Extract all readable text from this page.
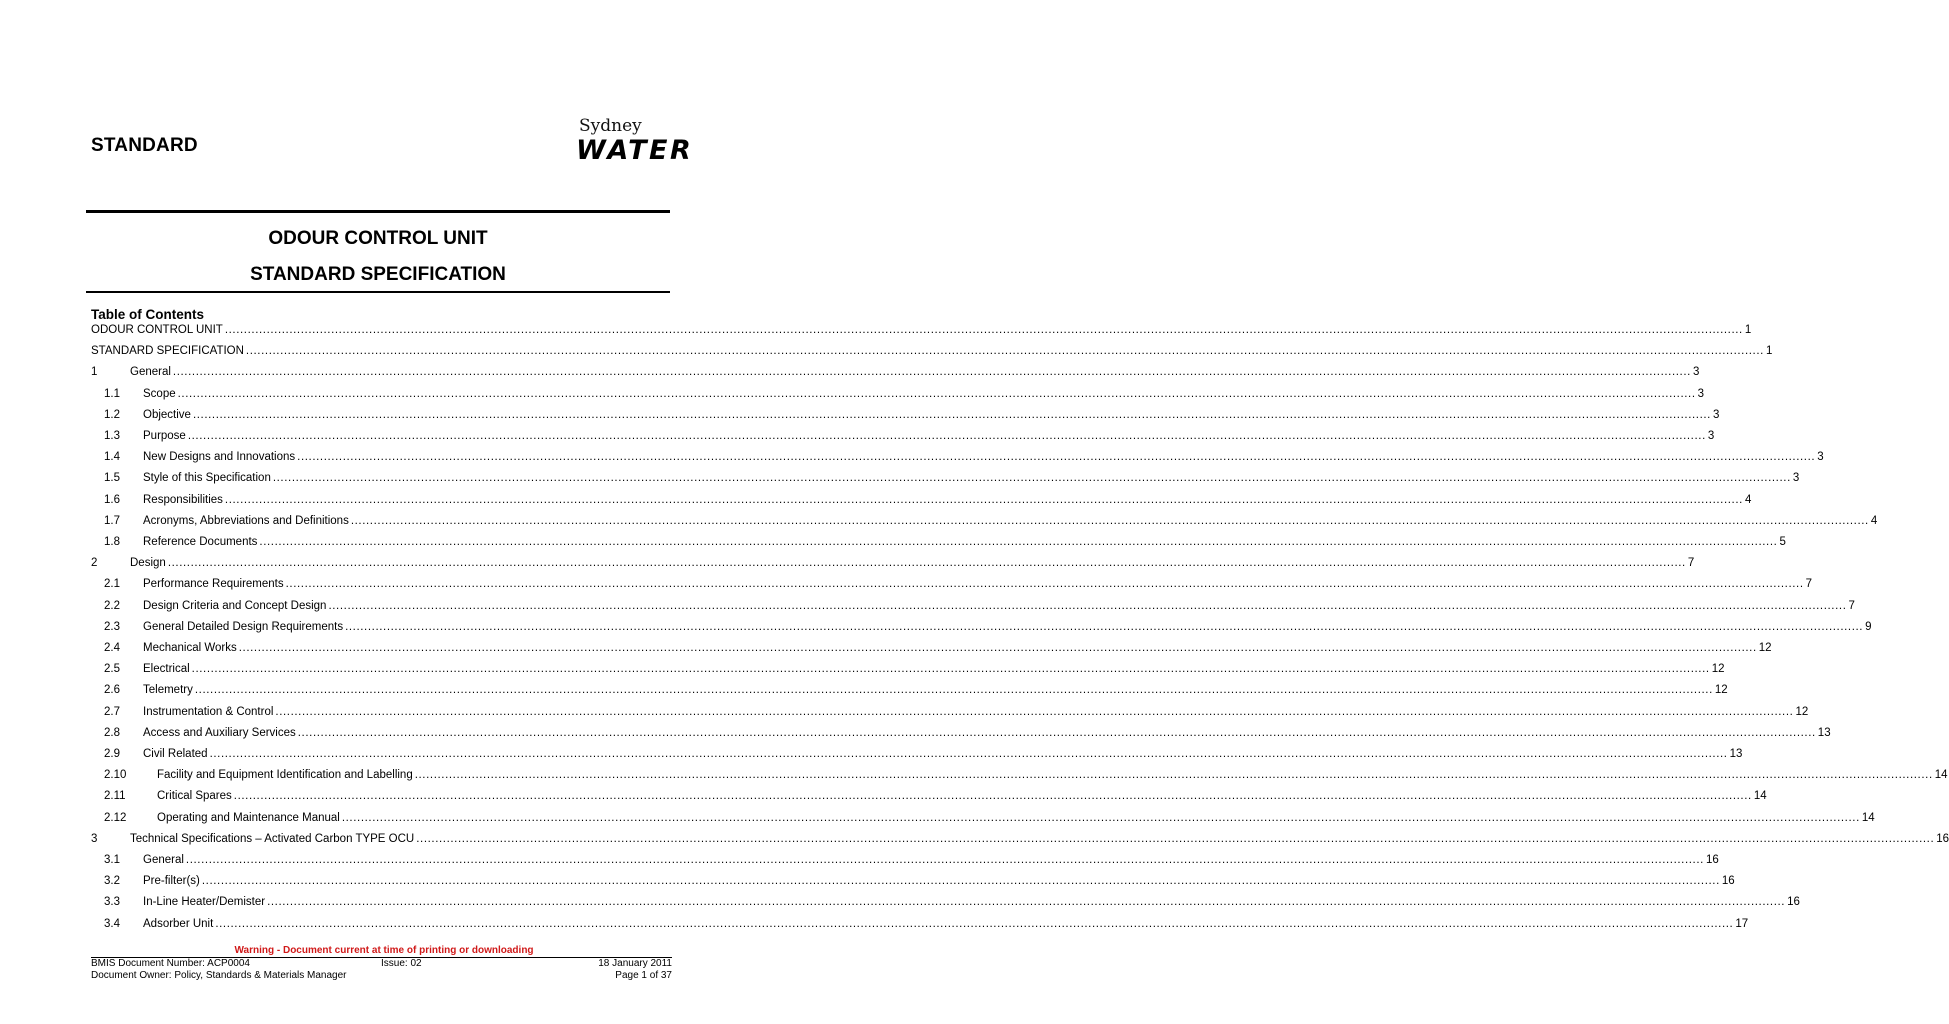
STANDARD
Sydney
WATER
ODOUR CONTROL UNIT
STANDARD SPECIFICATION
Table of Contents
ODOUR CONTROL UNIT ................................................................................................................................................................................................................................................................................................................................................................................................................ 1
STANDARD SPECIFICATION ................................................................................................................................................................................................................................................................................................................................................................................................................ 1
1	General ................................................................................................................................................................................................................................................................................................................................................................................................................ 3
1.1	Scope ................................................................................................................................................................................................................................................................................................................................................................................................................ 3
1.2	Objective ................................................................................................................................................................................................................................................................................................................................................................................................................ 3
1.3	Purpose ................................................................................................................................................................................................................................................................................................................................................................................................................ 3
1.4	New Designs and Innovations ................................................................................................................................................................................................................................................................................................................................................................................................................ 3
1.5	Style of this Specification ................................................................................................................................................................................................................................................................................................................................................................................................................ 3
1.6	Responsibilities ................................................................................................................................................................................................................................................................................................................................................................................................................ 4
1.7	Acronyms, Abbreviations and Definitions ................................................................................................................................................................................................................................................................................................................................................................................................................ 4
1.8	Reference Documents ................................................................................................................................................................................................................................................................................................................................................................................................................ 5
2	Design ................................................................................................................................................................................................................................................................................................................................................................................................................ 7
2.1	Performance Requirements ................................................................................................................................................................................................................................................................................................................................................................................................................ 7
2.2	Design Criteria and Concept Design ................................................................................................................................................................................................................................................................................................................................................................................................................ 7
2.3	General Detailed Design Requirements ................................................................................................................................................................................................................................................................................................................................................................................................................ 9
2.4	Mechanical Works ................................................................................................................................................................................................................................................................................................................................................................................................................ 12
2.5	Electrical ................................................................................................................................................................................................................................................................................................................................................................................................................ 12
2.6	Telemetry ................................................................................................................................................................................................................................................................................................................................................................................................................ 12
2.7	Instrumentation & Control ................................................................................................................................................................................................................................................................................................................................................................................................................ 12
2.8	Access and Auxiliary Services ................................................................................................................................................................................................................................................................................................................................................................................................................ 13
2.9	Civil Related ................................................................................................................................................................................................................................................................................................................................................................................................................ 13
2.10	Facility and Equipment Identification and Labelling ................................................................................................................................................................................................................................................................................................................................................................................................................ 14
2.11	Critical Spares ................................................................................................................................................................................................................................................................................................................................................................................................................ 14
2.12	Operating and Maintenance Manual ................................................................................................................................................................................................................................................................................................................................................................................................................ 14
3	Technical Specifications – Activated Carbon TYPE OCU ................................................................................................................................................................................................................................................................................................................................................................................................................ 16
3.1	General ................................................................................................................................................................................................................................................................................................................................................................................................................ 16
3.2	Pre-filter(s) ................................................................................................................................................................................................................................................................................................................................................................................................................ 16
3.3	In-Line Heater/Demister ................................................................................................................................................................................................................................................................................................................................................................................................................ 16
3.4	Adsorber Unit ................................................................................................................................................................................................................................................................................................................................................................................................................ 17
Warning - Document current at time of printing or downloading
BMIS Document Number: ACP0004	Issue: 02	18 January 2011
Document Owner: Policy, Standards & Materials Manager	Page 1 of 37
